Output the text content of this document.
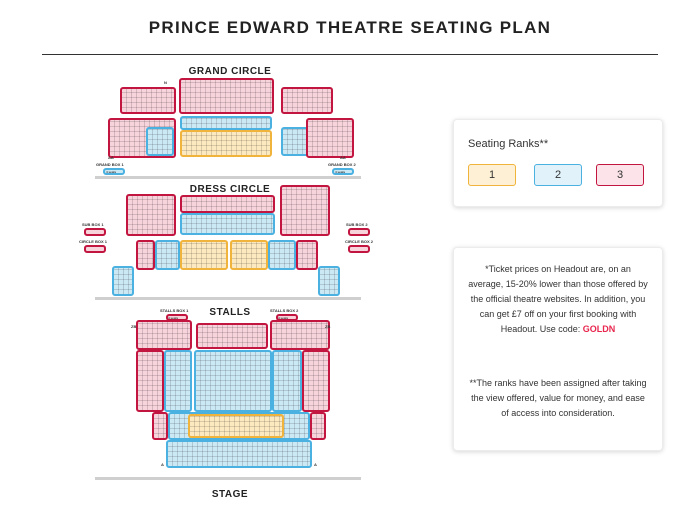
PRINCE EDWARD THEATRE SEATING PLAN
GRAND CIRCLE
N
AA	AA
GRAND BOX 1
4 seats
GRAND BOX 2
4 seats
DRESS CIRCLE
SUB BOX 1
CIRCLE BOX 1
SUB BOX 2
CIRCLE BOX 2
STALLS
STALLS BOX 1
4 seats
STALLS BOX 2
4 seats
ZB	ZB
A	A
STAGE
Seating Ranks**
1	2	3
*Ticket prices on Headout are, on an average, 15-20% lower than those offered by the official theatre websites. In addition, you can get £7 off on your first booking with Headout. Use code: GOLDN
**The ranks have been assigned after taking the view offered, value for money, and ease of access into consideration.
